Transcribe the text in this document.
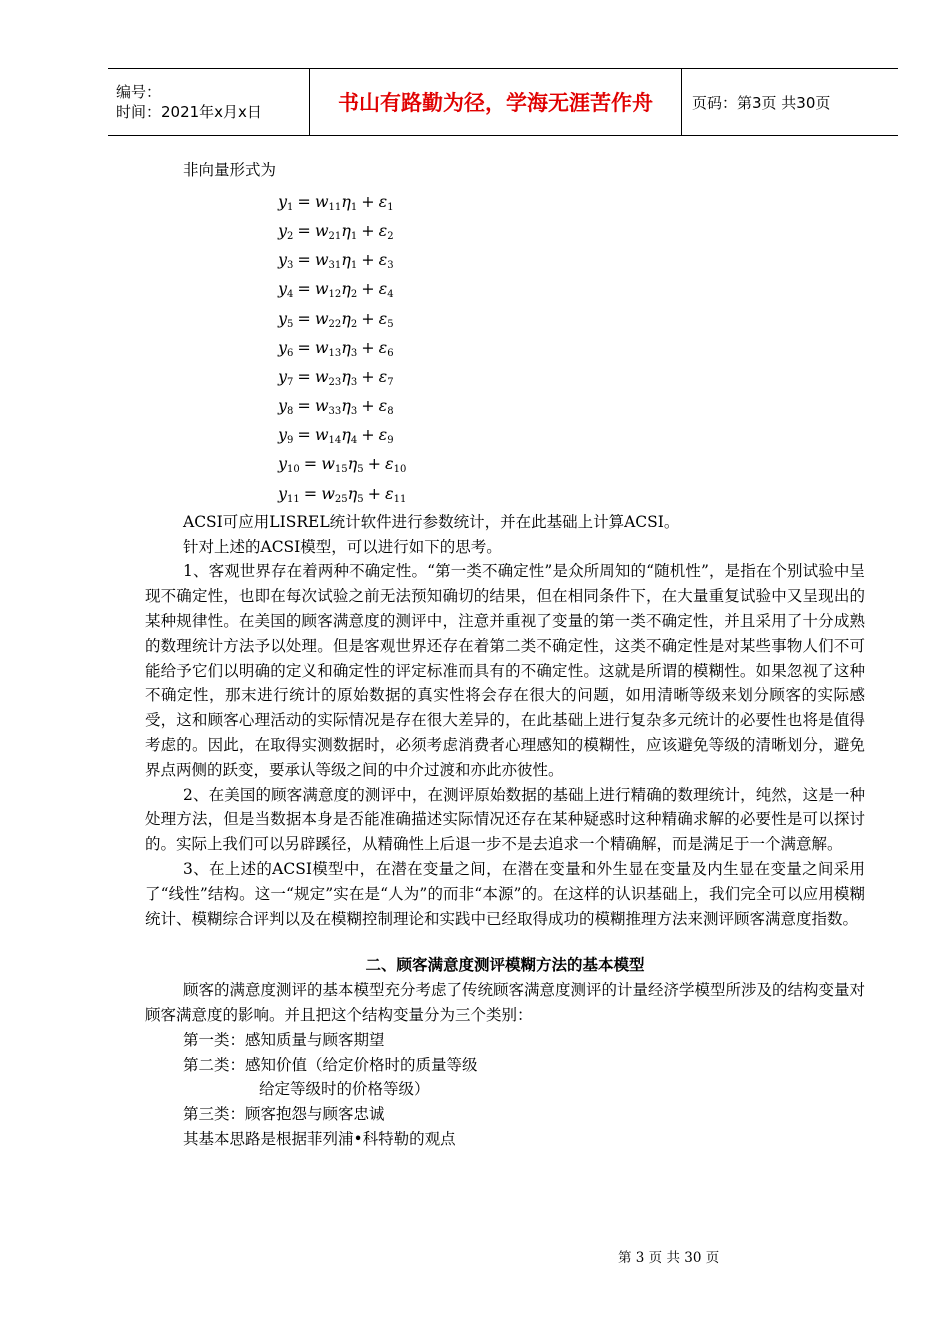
编号：
时间：2021年x月x日	书山有路勤为径，学海无涯苦作舟	页码：第3页 共30页

非向量形式为

$y_1 = w_{11}\eta_1 + \varepsilon_1$
$y_2 = w_{21}\eta_1 + \varepsilon_2$
$y_3 = w_{31}\eta_1 + \varepsilon_3$
$y_4 = w_{12}\eta_2 + \varepsilon_4$
$y_5 = w_{22}\eta_2 + \varepsilon_5$
$y_6 = w_{13}\eta_3 + \varepsilon_6$
$y_7 = w_{23}\eta_3 + \varepsilon_7$
$y_8 = w_{33}\eta_3 + \varepsilon_8$
$y_9 = w_{14}\eta_4 + \varepsilon_9$
$y_{10} = w_{15}\eta_5 + \varepsilon_{10}$
$y_{11} = w_{25}\eta_5 + \varepsilon_{11}$

ACSI可应用LISREL统计软件进行参数统计，并在此基础上计算ACSI。

针对上述的ACSI模型，可以进行如下的思考。

1、客观世界存在着两种不确定性。“第一类不确定性”是众所周知的“随机性”，是指在个别试验中呈现不确定性，也即在每次试验之前无法预知确切的结果，但在相同条件下，在大量重复试验中又呈现出的某种规律性。在美国的顾客满意度的测评中，注意并重视了变量的第一类不确定性，并且采用了十分成熟的数理统计方法予以处理。但是客观世界还存在着第二类不确定性，这类不确定性是对某些事物人们不可能给予它们以明确的定义和确定性的评定标准而具有的不确定性。这就是所谓的模糊性。如果忽视了这种不确定性，那末进行统计的原始数据的真实性将会存在很大的问题，如用清晰等级来划分顾客的实际感受，这和顾客心理活动的实际情况是存在很大差异的，在此基础上进行复杂多元统计的必要性也将是值得考虑的。因此，在取得实测数据时，必须考虑消费者心理感知的模糊性，应该避免等级的清晰划分，避免界点两侧的跃变，要承认等级之间的中介过渡和亦此亦彼性。

2、在美国的顾客满意度的测评中，在测评原始数据的基础上进行精确的数理统计，纯然，这是一种处理方法，但是当数据本身是否能准确描述实际情况还存在某种疑惑时这种精确求解的必要性是可以探讨的。实际上我们可以另辟蹊径，从精确性上后退一步不是去追求一个精确解，而是满足于一个满意解。

3、在上述的ACSI模型中，在潜在变量之间，在潜在变量和外生显在变量及内生显在变量之间采用了“线性”结构。这一“规定”实在是“人为”的而非“本源”的。在这样的认识基础上，我们完全可以应用模糊统计、模糊综合评判以及在模糊控制理论和实践中已经取得成功的模糊推理方法来测评顾客满意度指数。

二、顾客满意度测评模糊方法的基本模型

顾客的满意度测评的基本模型充分考虑了传统顾客满意度测评的计量经济学模型所涉及的结构变量对顾客满意度的影响。并且把这个结构变量分为三个类别：

第一类：感知质量与顾客期望

第二类：感知价值（给定价格时的质量等级

给定等级时的价格等级）

第三类：顾客抱怨与顾客忠诚

其基本思路是根据菲列浦•科特勒的观点

第 3 页 共 30 页
